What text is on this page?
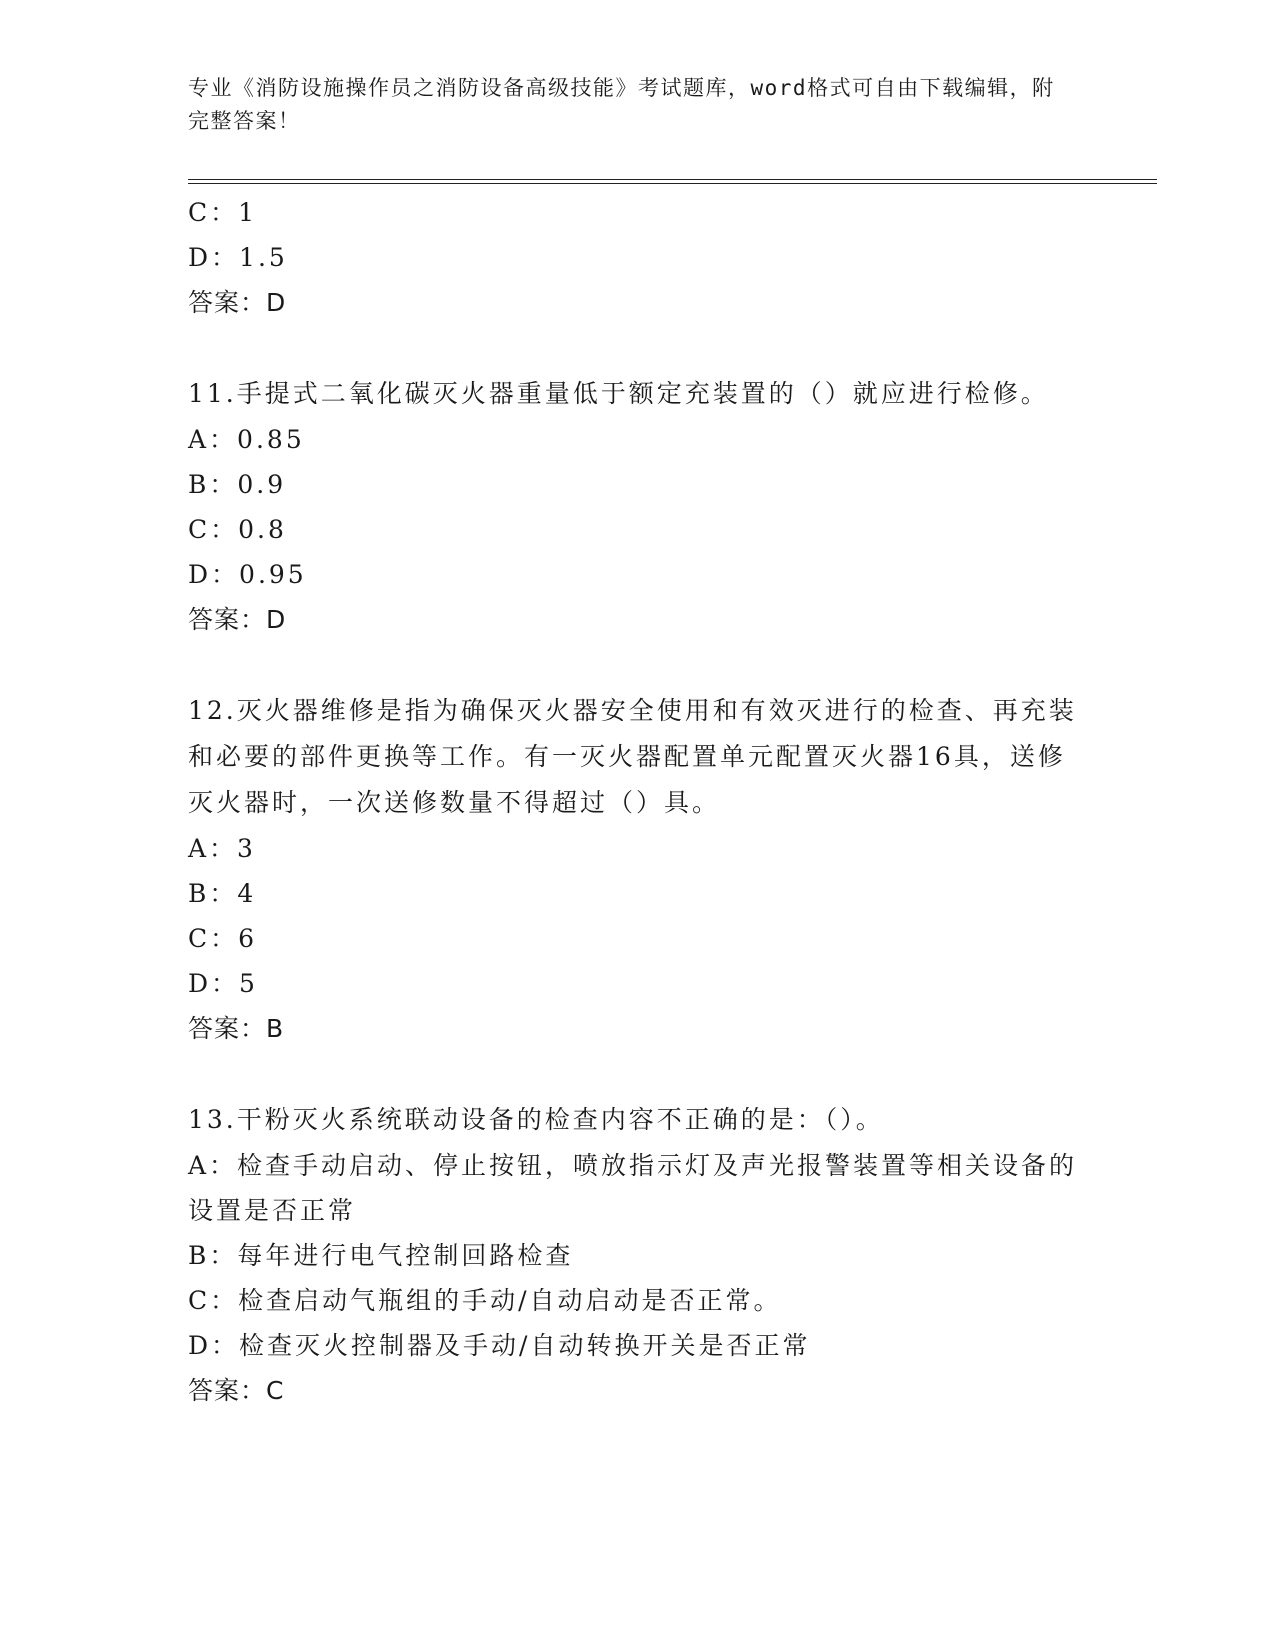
专业《消防设施操作员之消防设备高级技能》考试题库，word格式可自由下载编辑，附完整答案！
C：1
D：1.5
答案：D
11.手提式二氧化碳灭火器重量低于额定充装置的（）就应进行检修。
A：0.85
B：0.9
C：0.8
D：0.95
答案：D
12.灭火器维修是指为确保灭火器安全使用和有效灭进行的检查、再充装和必要的部件更换等工作。有一灭火器配置单元配置灭火器16具，送修灭火器时，一次送修数量不得超过（）具。
A：3
B：4
C：6
D：5
答案：B
13.干粉灭火系统联动设备的检查内容不正确的是：（）。
A：检查手动启动、停止按钮，喷放指示灯及声光报警装置等相关设备的设置是否正常
B：每年进行电气控制回路检查
C：检查启动气瓶组的手动/自动启动是否正常。
D：检查灭火控制器及手动/自动转换开关是否正常
答案：C
